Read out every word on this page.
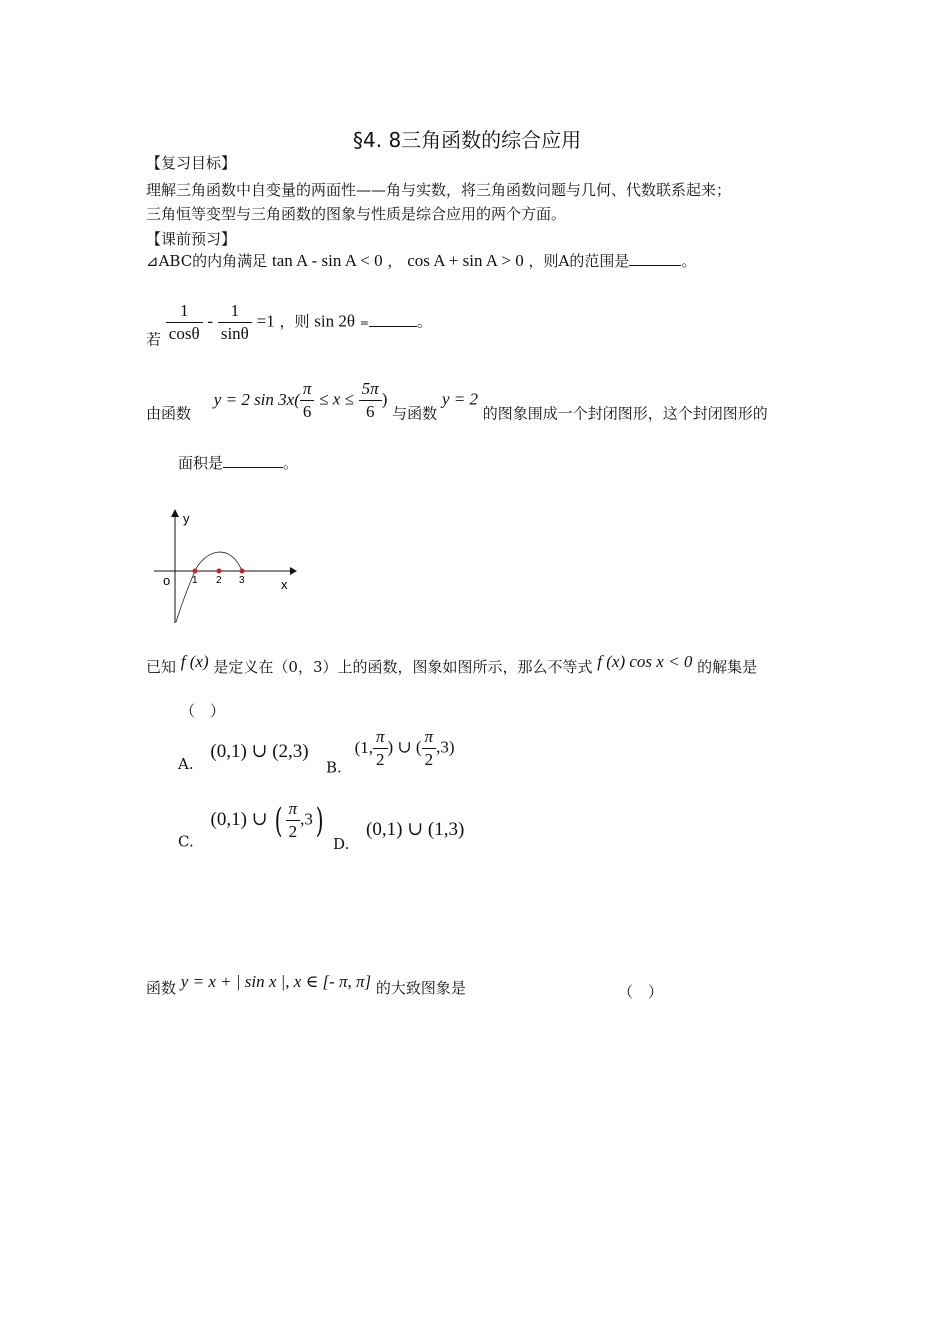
§4. 8三角函数的综合应用
【复习目标】
理解三角函数中自变量的两面性——角与实数，将三角函数问题与几何、代数联系起来；
三角恒等变型与三角函数的图象与性质是综合应用的两个方面。
【课前预习】
⊿ABC的内角满足 tan A - sin A < 0 ， cos A + sin A > 0 ，则A的范围是	。
若 $\frac{1}{\cos\theta} - \frac{1}{\sin\theta} =1$ ，则 sin 2θ =	。
由函数 y = 2 $\sin 3x( \frac{\pi}{6} \le x \le \frac{5\pi}{6}$ ) 与函数 y = 2 的图象围成一个封闭图形，这个封闭图形的
面积是	。
y
x
o 1 2 3
已知 f (x) 是定义在（0，3）上的函数，图象如图所示，那么不等式 f (x) cos x < 0 的解集是
（　）
A. (0,1) ∪ (2,3)
B. (1, $\frac{\pi}{2}$ ) ∪ ( $\frac{\pi}{2} ,3$)
C. (0,1) ∪ ( $\frac{\pi}{2} ,3$)
D. (0,1) ∪ (1,3)
函数 y = x + | sin x |, x ∈ [- π, π] 的大致图象是	（　）
